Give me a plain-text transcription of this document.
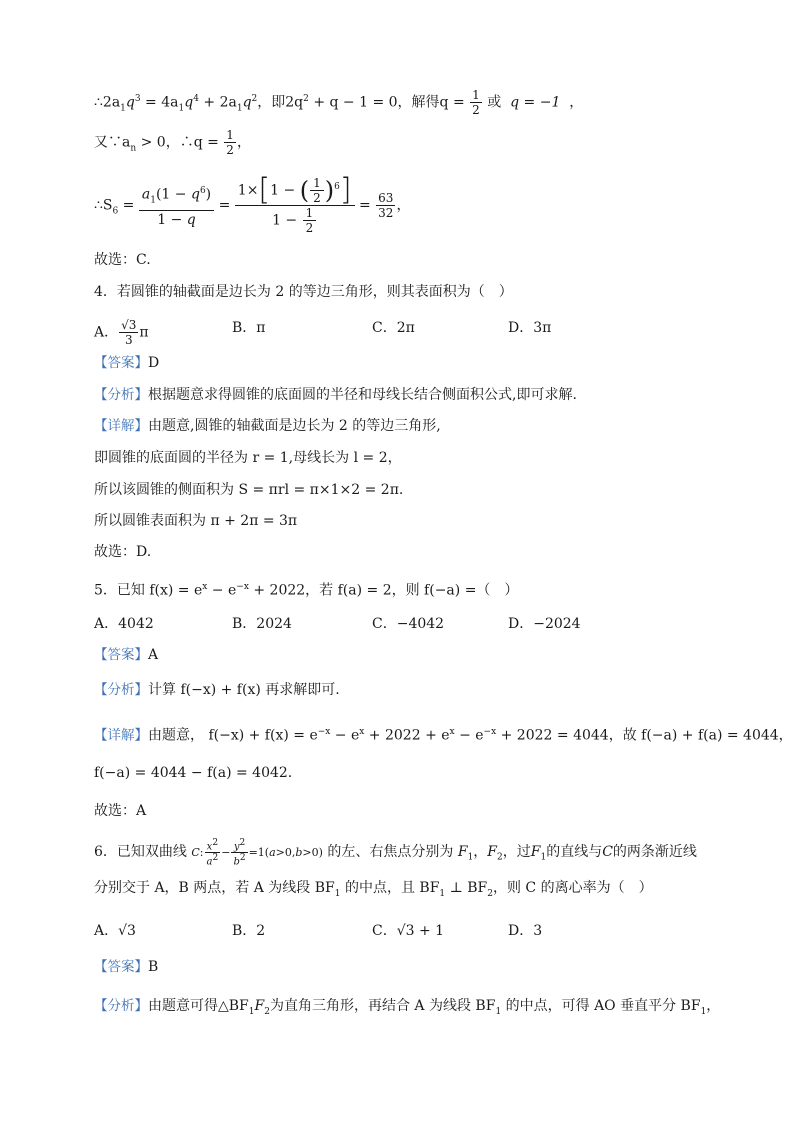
$\therefore 2a_1q^3 = 4a_1q^4 + 2a_1q^2$，即$2q^2 + q - 1 = 0$，解得$q = \frac{1}{2}$ 或 q = −1 ，
又$\because a_n > 0$，∴q = $\frac{1}{2}$ ，
$\therefore S_6 = \frac{a_1(1 - q^6)}{1 - q} = \frac{1\times[1 - ( \frac{1}{2} )^6]}{1 - \frac{1}{2}} = \frac{63}{32}$ ，
故选：C.
4．若圆锥的轴截面是边长为 2 的等边三角形，则其表面积为（　）
A． $\frac{√3}{3}$ π	B．π	C．2π	D．3π
【答案】D
【分析】根据题意求得圆锥的底面圆的半径和母线长结合侧面积公式,即可求解.
【详解】由题意,圆锥的轴截面是边长为 2 的等边三角形,
即圆锥的底面圆的半径为 r = 1,母线长为 l = 2，
所以该圆锥的侧面积为 S = πrl = π×1×2 = 2π.
所以圆锥表面积为 π + 2π = 3π
故选：D.
5．已知 $f(x) = e^x - e^{-x} + 2022$，若 f(a) = 2，则 f(−a) =（　）
A．4042	B．2024	C．−4042	D．−2024
【答案】A
【分析】计算 f(−x) + f(x) 再求解即可.
【详解】由题意， $f(-x) + f(x) = e^{-x} - e^x + 2022 + e^x - e^{-x} + 2022 = 4044$，故 f(−a) + f(a) = 4044，
f(−a) = 4044 − f(a) = 4042.
故选：A
6．已知双曲线 C: $\frac{x^2}{a^2} - \frac{y^2}{b^2} =1(a>0,b>0)$ 的左、右焦点分别为 $F_1$，$F_2$，过$F_1$的直线与C的两条渐近线
分别交于 A，B 两点，若 A 为线段 $BF_1$ 的中点，且 $BF_1$ ⊥ $BF_2$，则 C 的离心率为（　）
A．√3	B．2	C．√3 + 1	D．3
【答案】B
【分析】由题意可得$\triangle BF_1F_2$为直角三角形，再结合 A 为线段 $BF_1$ 的中点，可得 AO 垂直平分 $BF_1$，
